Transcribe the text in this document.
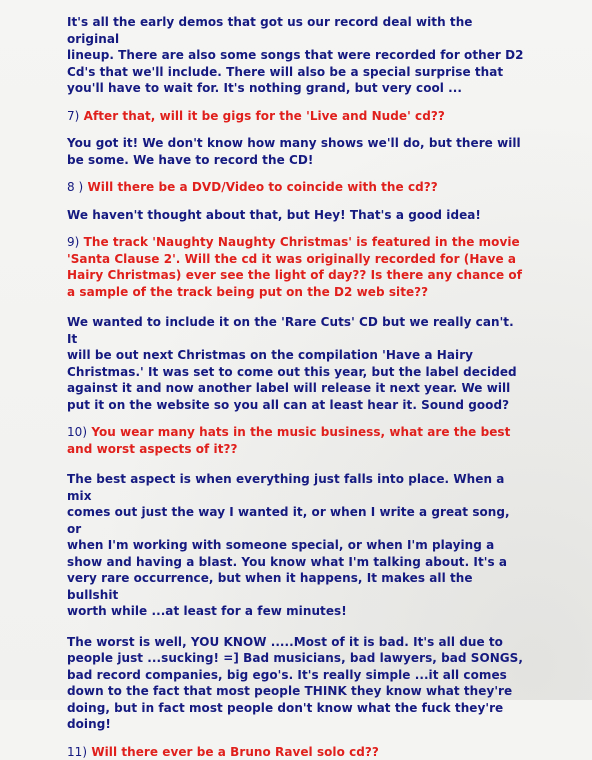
It's all the early demos that got us our record deal with the original
lineup. There are also some songs that were recorded for other D2
Cd's that we'll include. There will also be a special surprise that
you'll have to wait for. It's nothing grand, but very cool ...

7) After that, will it be gigs for the 'Live and Nude' cd??

You got it! We don't know how many shows we'll do, but there will
be some. We have to record the CD!

8 ) Will there be a DVD/Video to coincide with the cd??

We haven't thought about that, but Hey! That's a good idea!

9) The track 'Naughty Naughty Christmas' is featured in the movie
'Santa Clause 2'. Will the cd it was originally recorded for (Have a
Hairy Christmas) ever see the light of day?? Is there any chance of
a sample of the track being put on the D2 web site??

We wanted to include it on the 'Rare Cuts' CD but we really can't. It
will be out next Christmas on the compilation 'Have a Hairy
Christmas.' It was set to come out this year, but the label decided
against it and now another label will release it next year. We will
put it on the website so you all can at least hear it. Sound good?

10) You wear many hats in the music business, what are the best
and worst aspects of it??

The best aspect is when everything just falls into place. When a mix
comes out just the way I wanted it, or when I write a great song, or
when I'm working with someone special, or when I'm playing a
show and having a blast. You know what I'm talking about. It's a
very rare occurrence, but when it happens, It makes all the bullshit
worth while ...at least for a few minutes!

The worst is well, YOU KNOW .....Most of it is bad. It's all due to
people just ...sucking! =] Bad musicians, bad lawyers, bad SONGS,
bad record companies, big ego's. It's really simple ...it all comes
down to the fact that most people THINK they know what they're
doing, but in fact most people don't know what the fuck they're
doing!

11) Will there ever be a Bruno Ravel solo cd??
